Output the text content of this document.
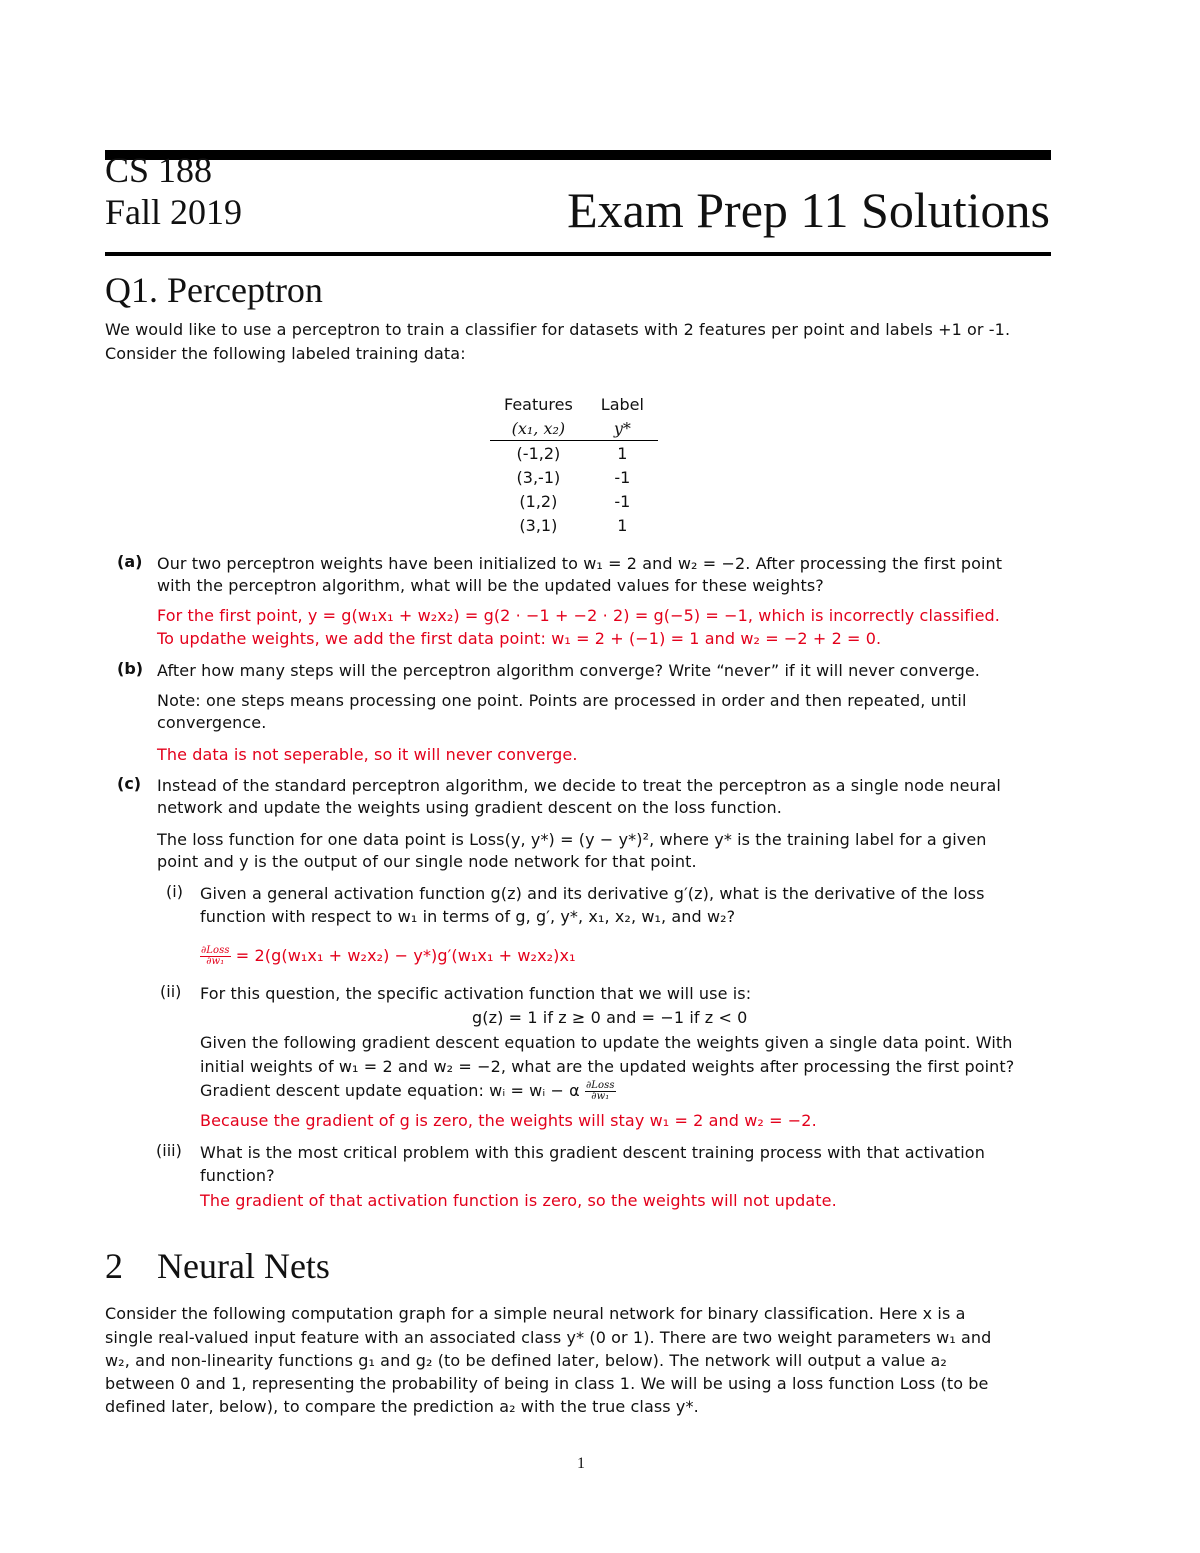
CS 188
Fall 2019	Exam Prep 11 Solutions
Q1. Perceptron
We would like to use a perceptron to train a classifier for datasets with 2 features per point and labels +1 or -1.
Consider the following labeled training data:
Features	Label
(x₁, x₂)	y*
(-1,2)	1
(3,-1)	-1
(1,2)	-1
(3,1)	1
(a) Our two perceptron weights have been initialized to w₁ = 2 and w₂ = −2. After processing the first point
with the perceptron algorithm, what will be the updated values for these weights?
For the first point, y = g(w₁x₁ + w₂x₂) = g(2 · −1 + −2 · 2) = g(−5) = −1, which is incorrectly classified.
To updathe weights, we add the first data point: w₁ = 2 + (−1) = 1 and w₂ = −2 + 2 = 0.
(b) After how many steps will the perceptron algorithm converge? Write “never” if it will never converge.
Note: one steps means processing one point. Points are processed in order and then repeated, until
convergence.
The data is not seperable, so it will never converge.
(c) Instead of the standard perceptron algorithm, we decide to treat the perceptron as a single node neural
network and update the weights using gradient descent on the loss function.
The loss function for one data point is Loss(y, y*) = (y − y*)², where y* is the training label for a given
point and y is the output of our single node network for that point.
(i) Given a general activation function g(z) and its derivative g′(z), what is the derivative of the loss
function with respect to w₁ in terms of g, g′, y*, x₁, x₂, w₁, and w₂?
$\frac{\text{∂Loss}}{\text{∂w₁}} = 2(g(w_1x_1 + w_2x_2) - y*)g'(w_1x_1 + w_2x_2)x_1$
(ii) For this question, the specific activation function that we will use is:
g(z) = 1 if z ≥ 0 and = −1 if z < 0
Given the following gradient descent equation to update the weights given a single data point. With
initial weights of w₁ = 2 and w₂ = −2, what are the updated weights after processing the first point?
Gradient descent update equation: wᵢ = wᵢ − α $\frac{\text{∂Loss}}{\text{∂w₁}}$
Because the gradient of g is zero, the weights will stay w₁ = 2 and w₂ = −2.
(iii) What is the most critical problem with this gradient descent training process with that activation
function?
The gradient of that activation function is zero, so the weights will not update.
2 Neural Nets
Consider the following computation graph for a simple neural network for binary classification. Here x is a
single real-valued input feature with an associated class y* (0 or 1). There are two weight parameters w₁ and
w₂, and non-linearity functions g₁ and g₂ (to be defined later, below). The network will output a value a₂
between 0 and 1, representing the probability of being in class 1. We will be using a loss function Loss (to be
defined later, below), to compare the prediction a₂ with the true class y*.
1
